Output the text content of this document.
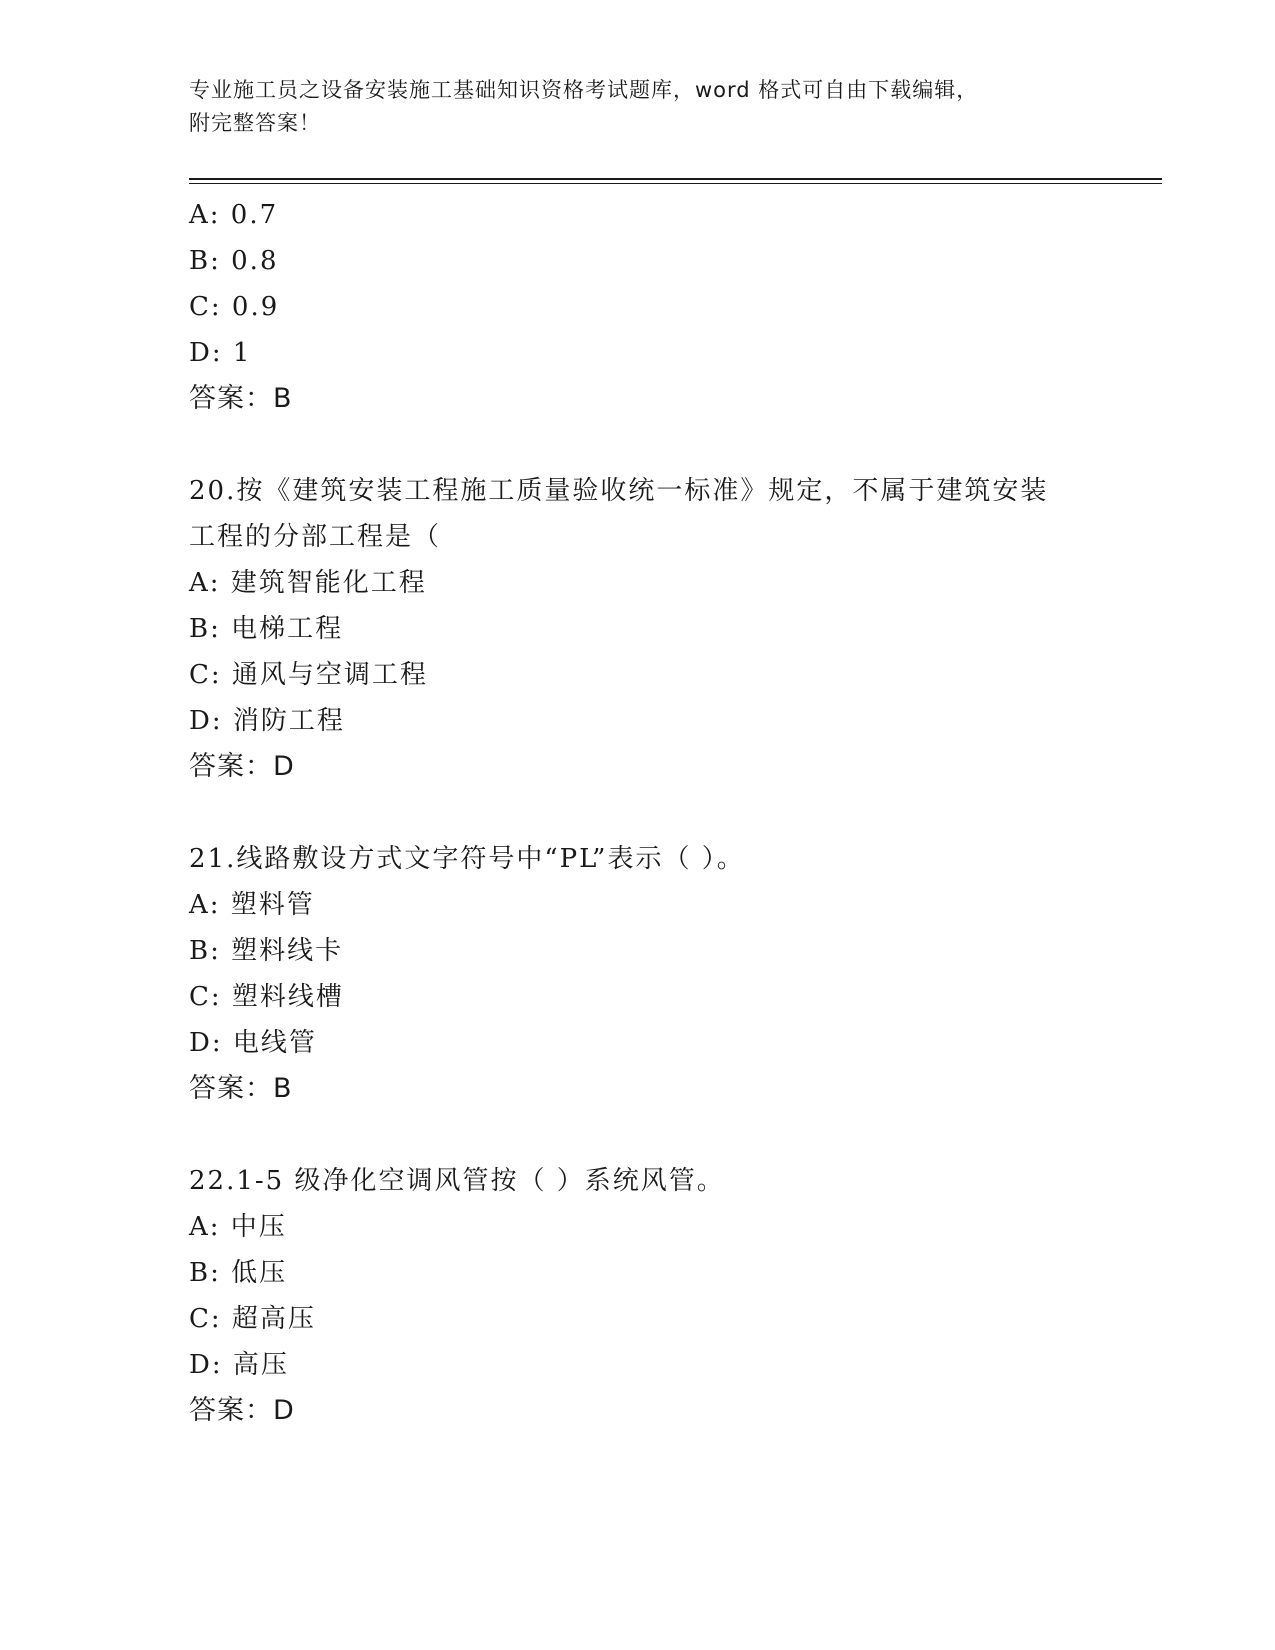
专业施工员之设备安装施工基础知识资格考试题库，word 格式可自由下载编辑，
附完整答案！
A: 0.7
B: 0.8
C: 0.9
D: 1
答案：B
20.按《建筑安装工程施工质量验收统一标准》规定，不属于建筑安装
工程的分部工程是（
A: 建筑智能化工程
B: 电梯工程
C: 通风与空调工程
D: 消防工程
答案：D
21.线路敷设方式文字符号中“PL”表示（ ）。
A: 塑料管
B: 塑料线卡
C: 塑料线槽
D: 电线管
答案：B
22.1-5 级净化空调风管按（ ）系统风管。
A: 中压
B: 低压
C: 超高压
D: 高压
答案：D
